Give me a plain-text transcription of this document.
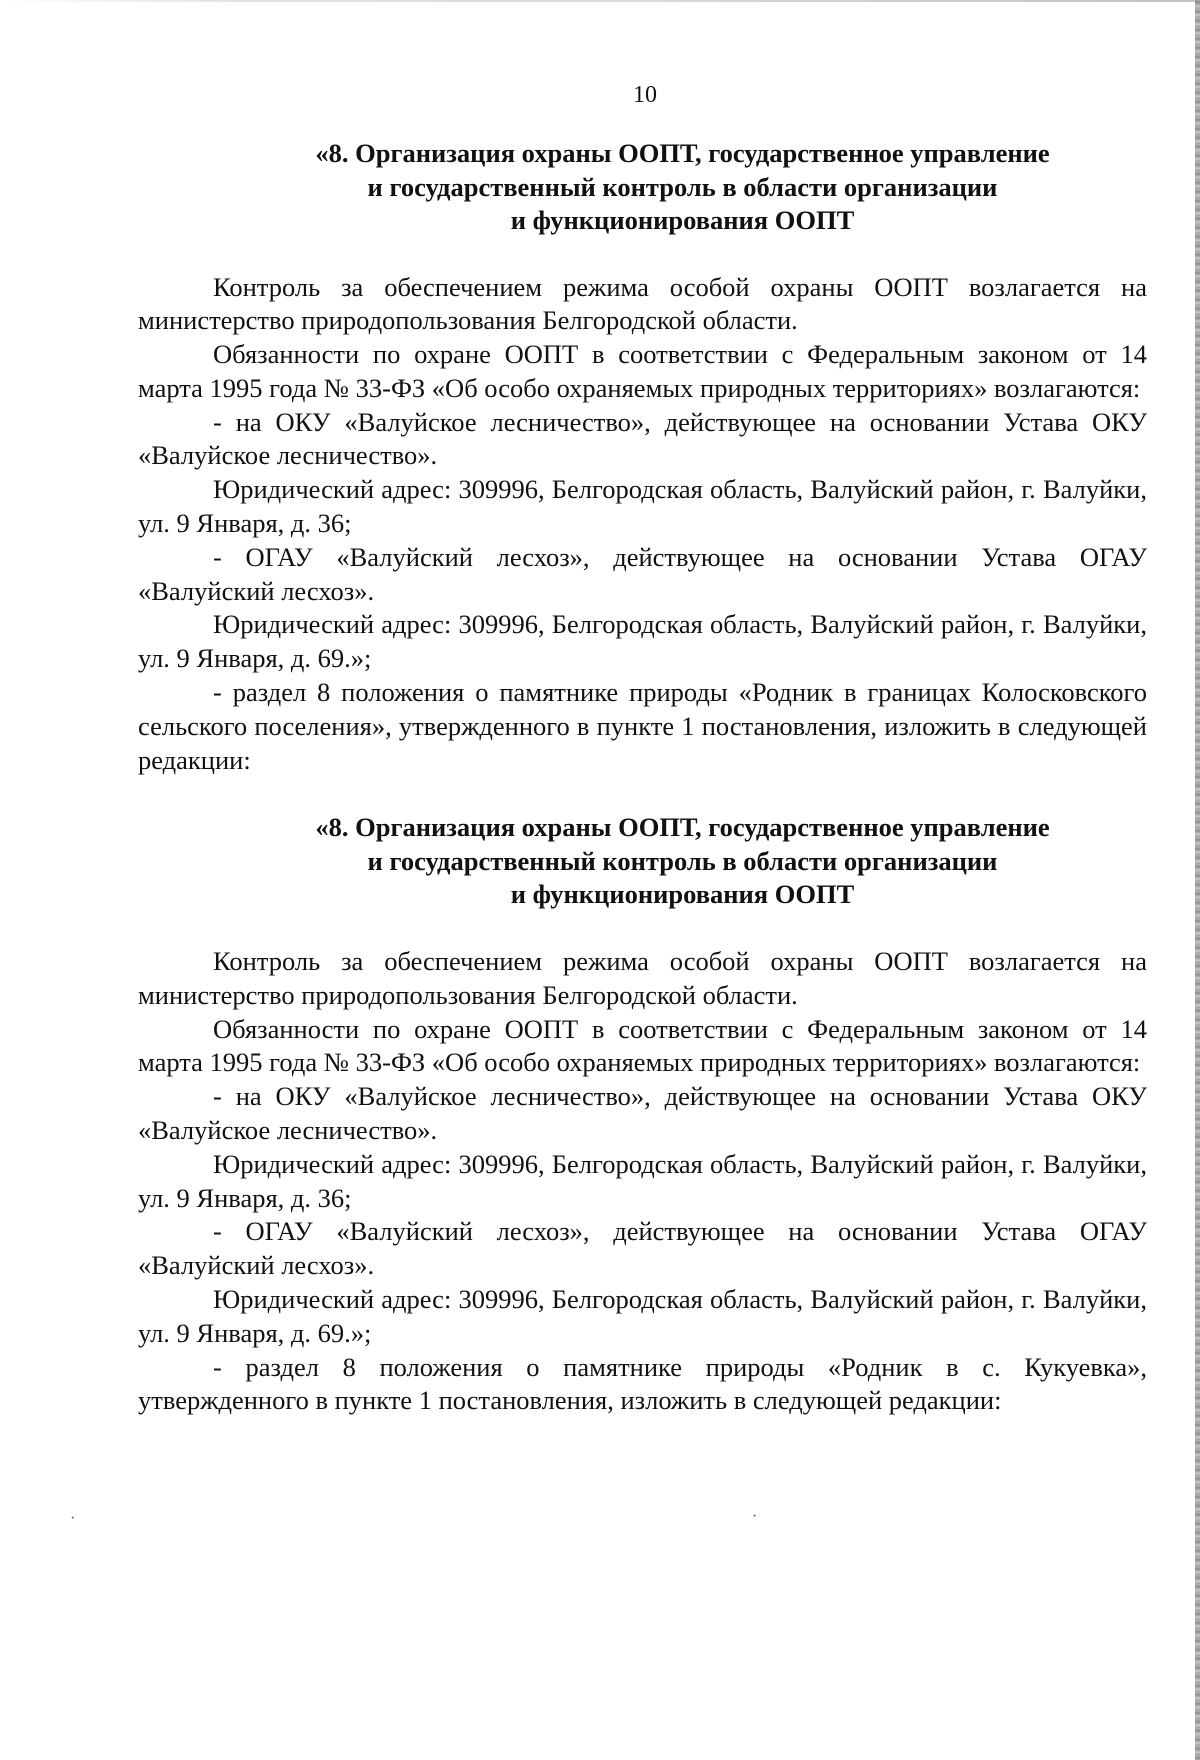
10
«8. Организация охраны ООПТ, государственное управление
и государственный контроль в области организации
и функционирования ООПТ

Контроль за обеспечением режима особой охраны ООПТ возлагается на министерство природопользования Белгородской области.

Обязанности по охране ООПТ в соответствии с Федеральным законом от 14 марта 1995 года № 33-ФЗ «Об особо охраняемых природных территориях» возлагаются:

- на ОКУ «Валуйское лесничество», действующее на основании Устава ОКУ «Валуйское лесничество».

Юридический адрес: 309996, Белгородская область, Валуйский район, г. Валуйки, ул. 9 Января, д. 36;

- ОГАУ «Валуйский лесхоз», действующее на основании Устава ОГАУ «Валуйский лесхоз».

Юридический адрес: 309996, Белгородская область, Валуйский район, г. Валуйки, ул. 9 Января, д. 69.»;

- раздел 8 положения о памятнике природы «Родник в границах Колосковского сельского поселения», утвержденного в пункте 1 постановления, изложить в следующей редакции:

«8. Организация охраны ООПТ, государственное управление
и государственный контроль в области организации
и функционирования ООПТ

Контроль за обеспечением режима особой охраны ООПТ возлагается на министерство природопользования Белгородской области.

Обязанности по охране ООПТ в соответствии с Федеральным законом от 14 марта 1995 года № 33-ФЗ «Об особо охраняемых природных территориях» возлагаются:

- на ОКУ «Валуйское лесничество», действующее на основании Устава ОКУ «Валуйское лесничество».

Юридический адрес: 309996, Белгородская область, Валуйский район, г. Валуйки, ул. 9 Января, д. 36;

- ОГАУ «Валуйский лесхоз», действующее на основании Устава ОГАУ «Валуйский лесхоз».

Юридический адрес: 309996, Белгородская область, Валуйский район, г. Валуйки, ул. 9 Января, д. 69.»;

- раздел 8 положения о памятнике природы «Родник в с. Кукуевка», утвержденного в пункте 1 постановления, изложить в следующей редакции:

·
·
